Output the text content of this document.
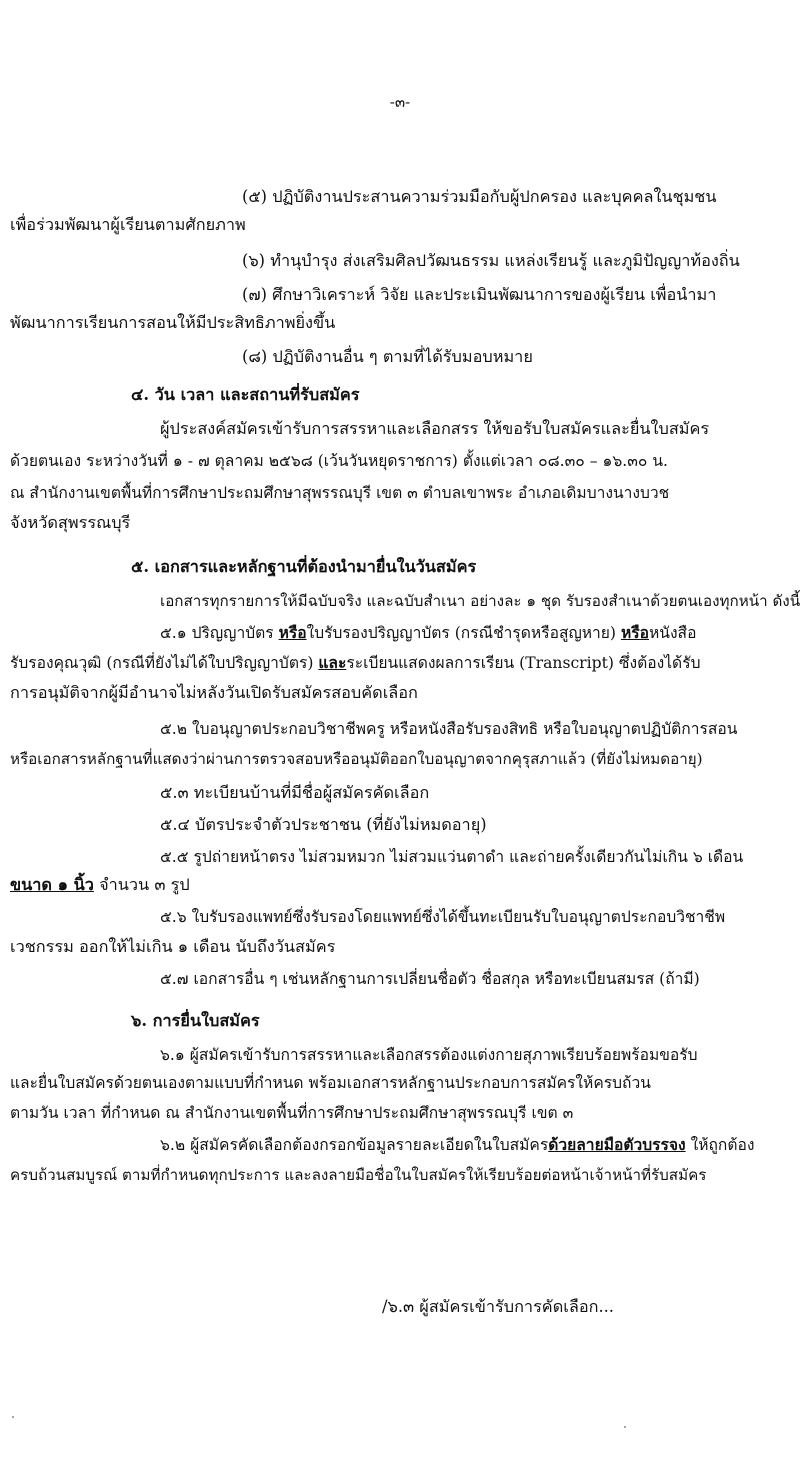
-๓-
(๕) ปฏิบัติงานประสานความร่วมมือกับผู้ปกครอง และบุคคลในชุมชน
เพื่อร่วมพัฒนาผู้เรียนตามศักยภาพ
(๖) ทำนุบำรุง ส่งเสริมศิลปวัฒนธรรม แหล่งเรียนรู้ และภูมิปัญญาท้องถิ่น
(๗) ศึกษาวิเคราะห์ วิจัย และประเมินพัฒนาการของผู้เรียน เพื่อนำมา
พัฒนาการเรียนการสอนให้มีประสิทธิภาพยิ่งขึ้น
(๘) ปฏิบัติงานอื่น ๆ ตามที่ได้รับมอบหมาย
๔. วัน เวลา และสถานที่รับสมัคร
ผู้ประสงค์สมัครเข้ารับการสรรหาและเลือกสรร ให้ขอรับใบสมัครและยื่นใบสมัคร
ด้วยตนเอง ระหว่างวันที่ ๑ - ๗ ตุลาคม ๒๕๖๘ (เว้นวันหยุดราชการ) ตั้งแต่เวลา ๐๘.๓๐ – ๑๖.๓๐ น.
ณ สำนักงานเขตพื้นที่การศึกษาประถมศึกษาสุพรรณบุรี เขต ๓ ตำบลเขาพระ อำเภอเดิมบางนางบวช
จังหวัดสุพรรณบุรี
๕. เอกสารและหลักฐานที่ต้องนำมายื่นในวันสมัคร
เอกสารทุกรายการให้มีฉบับจริง และฉบับสำเนา อย่างละ ๑ ชุด รับรองสำเนาด้วยตนเองทุกหน้า ดังนี้
๕.๑ ปริญญาบัตร หรือใบรับรองปริญญาบัตร (กรณีชำรุดหรือสูญหาย) หรือหนังสือ
รับรองคุณวุฒิ (กรณีที่ยังไม่ได้ใบปริญญาบัตร) และระเบียนแสดงผลการเรียน (Transcript) ซึ่งต้องได้รับ
การอนุมัติจากผู้มีอำนาจไม่หลังวันเปิดรับสมัครสอบคัดเลือก
๕.๒ ใบอนุญาตประกอบวิชาชีพครู หรือหนังสือรับรองสิทธิ หรือใบอนุญาตปฏิบัติการสอน
หรือเอกสารหลักฐานที่แสดงว่าผ่านการตรวจสอบหรืออนุมัติออกใบอนุญาตจากคุรุสภาแล้ว (ที่ยังไม่หมดอายุ)
๕.๓ ทะเบียนบ้านที่มีชื่อผู้สมัครคัดเลือก
๕.๔ บัตรประจำตัวประชาชน (ที่ยังไม่หมดอายุ)
๕.๕ รูปถ่ายหน้าตรง ไม่สวมหมวก ไม่สวมแว่นตาดำ และถ่ายครั้งเดียวกันไม่เกิน ๖ เดือน
ขนาด ๑ นิ้ว จำนวน ๓ รูป
๕.๖ ใบรับรองแพทย์ซึ่งรับรองโดยแพทย์ซึ่งได้ขึ้นทะเบียนรับใบอนุญาตประกอบวิชาชีพ
เวชกรรม ออกให้ไม่เกิน ๑ เดือน นับถึงวันสมัคร
๕.๗ เอกสารอื่น ๆ เช่นหลักฐานการเปลี่ยนชื่อตัว ชื่อสกุล หรือทะเบียนสมรส (ถ้ามี)
๖. การยื่นใบสมัคร
๖.๑ ผู้สมัครเข้ารับการสรรหาและเลือกสรรต้องแต่งกายสุภาพเรียบร้อยพร้อมขอรับ
และยื่นใบสมัครด้วยตนเองตามแบบที่กำหนด พร้อมเอกสารหลักฐานประกอบการสมัครให้ครบถ้วน
ตามวัน เวลา ที่กำหนด ณ สำนักงานเขตพื้นที่การศึกษาประถมศึกษาสุพรรณบุรี เขต ๓
๖.๒ ผู้สมัครคัดเลือกต้องกรอกข้อมูลรายละเอียดในใบสมัครด้วยลายมือตัวบรรจง ให้ถูกต้อง
ครบถ้วนสมบูรณ์ ตามที่กำหนดทุกประการ และลงลายมือชื่อในใบสมัครให้เรียบร้อยต่อหน้าเจ้าหน้าที่รับสมัคร
/๖.๓ ผู้สมัครเข้ารับการคัดเลือก...
